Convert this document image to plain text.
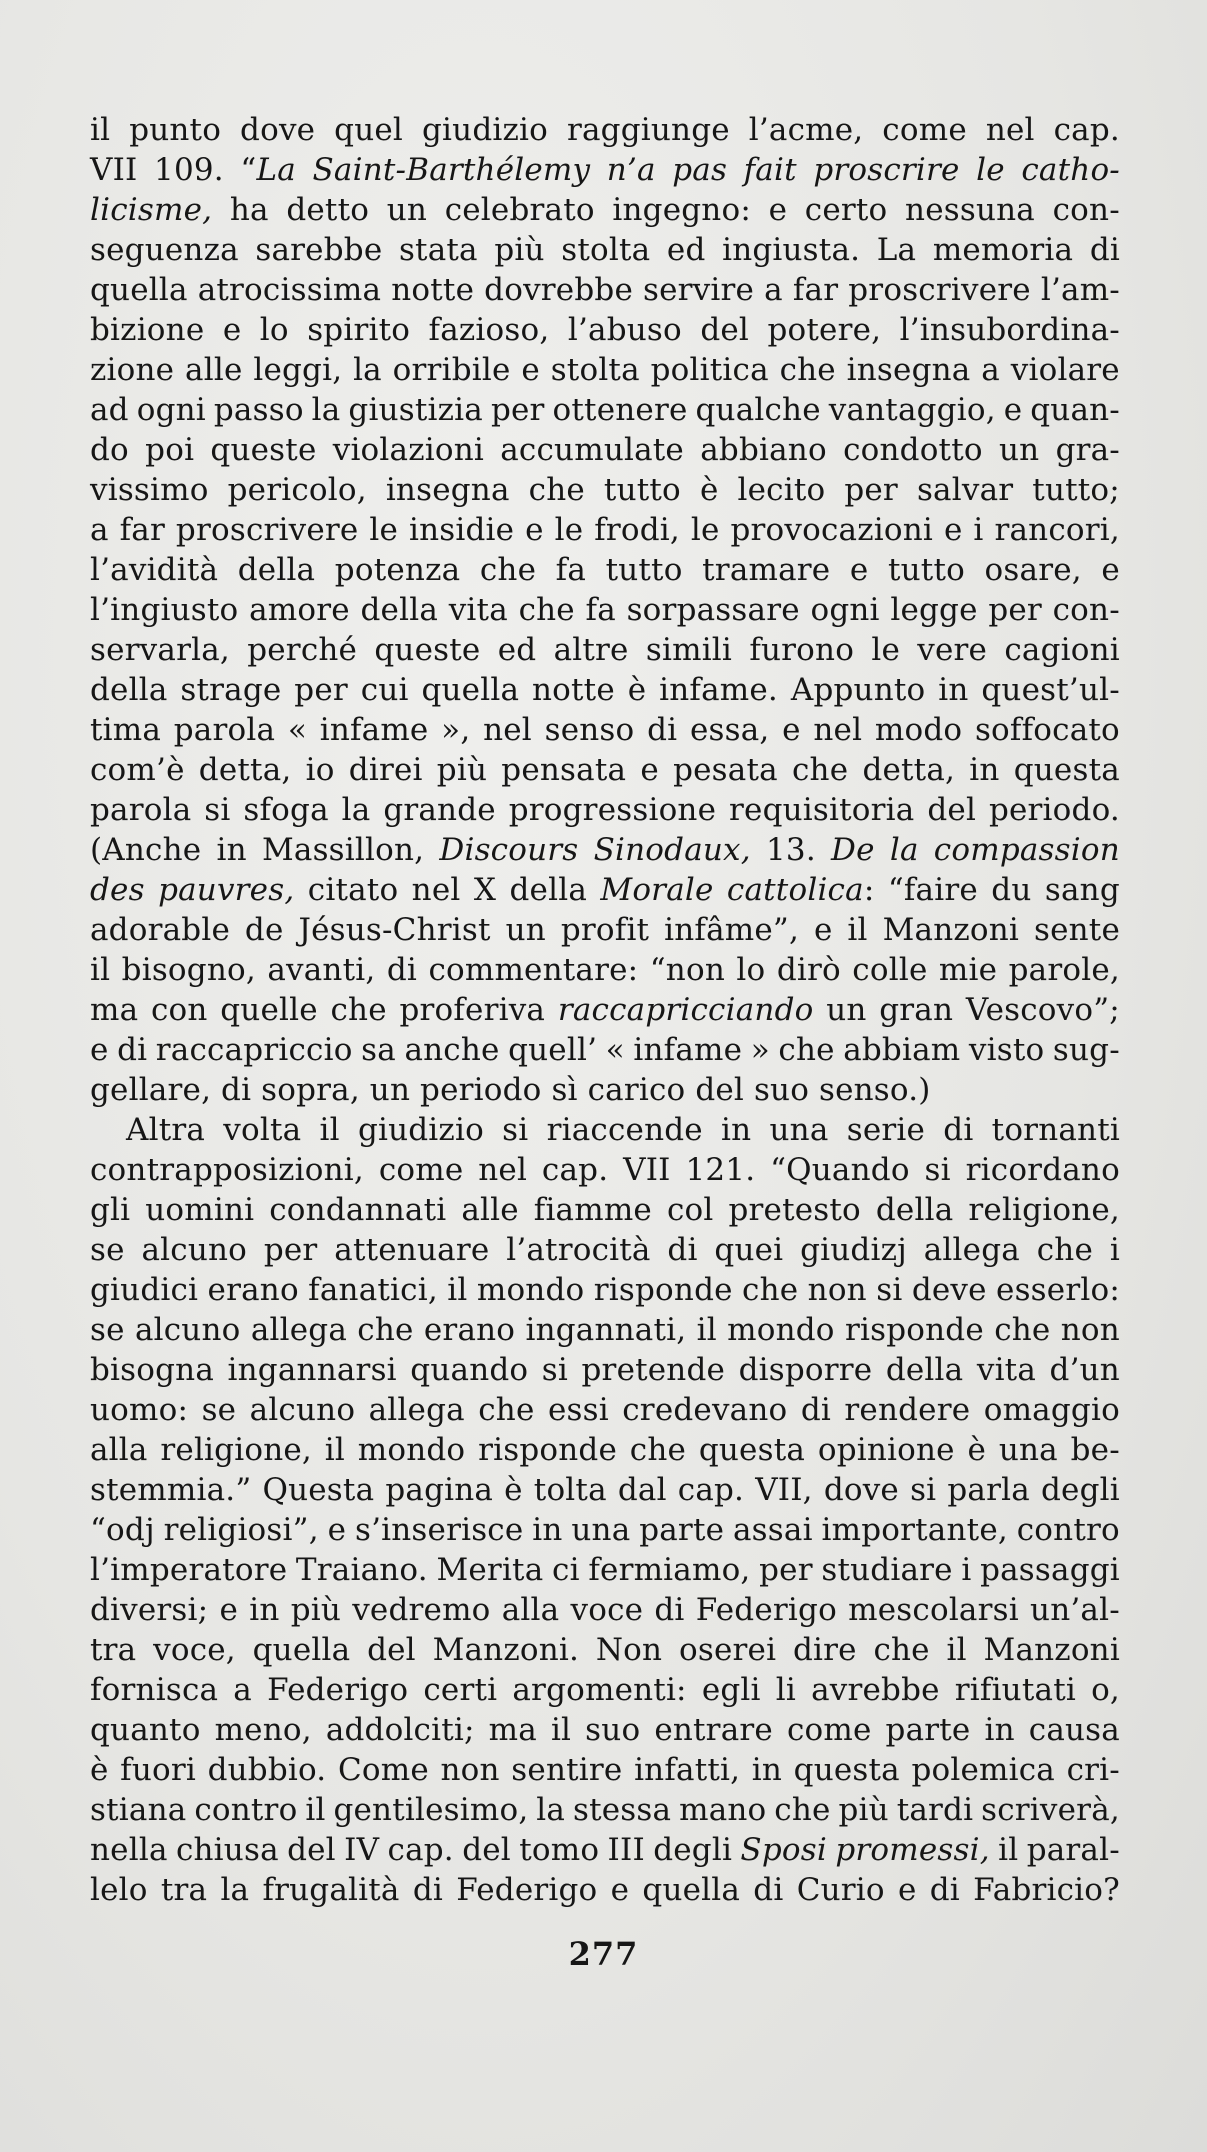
il punto dove quel giudizio raggiunge l’acme, come nel cap.
VII 109. “La Saint-Barthélemy n’a pas fait proscrire le catho-
licisme, ha detto un celebrato ingegno: e certo nessuna con-
seguenza sarebbe stata più stolta ed ingiusta. La memoria di
quella atrocissima notte dovrebbe servire a far proscrivere l’am-
bizione e lo spirito fazioso, l’abuso del potere, l’insubordina-
zione alle leggi, la orribile e stolta politica che insegna a violare
ad ogni passo la giustizia per ottenere qualche vantaggio, e quan-
do poi queste violazioni accumulate abbiano condotto un gra-
vissimo pericolo, insegna che tutto è lecito per salvar tutto;
a far proscrivere le insidie e le frodi, le provocazioni e i rancori,
l’avidità della potenza che fa tutto tramare e tutto osare, e
l’ingiusto amore della vita che fa sorpassare ogni legge per con-
servarla, perché queste ed altre simili furono le vere cagioni
della strage per cui quella notte è infame. Appunto in quest’ul-
tima parola « infame », nel senso di essa, e nel modo soffocato
com’è detta, io direi più pensata e pesata che detta, in questa
parola si sfoga la grande progressione requisitoria del periodo.
(Anche in Massillon, Discours Sinodaux, 13. De la compassion
des pauvres, citato nel X della Morale cattolica: “faire du sang
adorable de Jésus-Christ un profit infâme”, e il Manzoni sente
il bisogno, avanti, di commentare: “non lo dirò colle mie parole,
ma con quelle che proferiva raccapricciando un gran Vescovo”;
e di raccapriccio sa anche quell’ « infame » che abbiam visto sug-
gellare, di sopra, un periodo sì carico del suo senso.)
Altra volta il giudizio si riaccende in una serie di tornanti
contrapposizioni, come nel cap. VII 121. “Quando si ricordano
gli uomini condannati alle fiamme col pretesto della religione,
se alcuno per attenuare l’atrocità di quei giudizj allega che i
giudici erano fanatici, il mondo risponde che non si deve esserlo:
se alcuno allega che erano ingannati, il mondo risponde che non
bisogna ingannarsi quando si pretende disporre della vita d’un
uomo: se alcuno allega che essi credevano di rendere omaggio
alla religione, il mondo risponde che questa opinione è una be-
stemmia.” Questa pagina è tolta dal cap. VII, dove si parla degli
“odj religiosi”, e s’inserisce in una parte assai importante, contro
l’imperatore Traiano. Merita ci fermiamo, per studiare i passaggi
diversi; e in più vedremo alla voce di Federigo mescolarsi un’al-
tra voce, quella del Manzoni. Non oserei dire che il Manzoni
fornisca a Federigo certi argomenti: egli li avrebbe rifiutati o,
quanto meno, addolciti; ma il suo entrare come parte in causa
è fuori dubbio. Come non sentire infatti, in questa polemica cri-
stiana contro il gentilesimo, la stessa mano che più tardi scriverà,
nella chiusa del IV cap. del tomo III degli Sposi promessi, il paral-
lelo tra la frugalità di Federigo e quella di Curio e di Fabricio?
277
